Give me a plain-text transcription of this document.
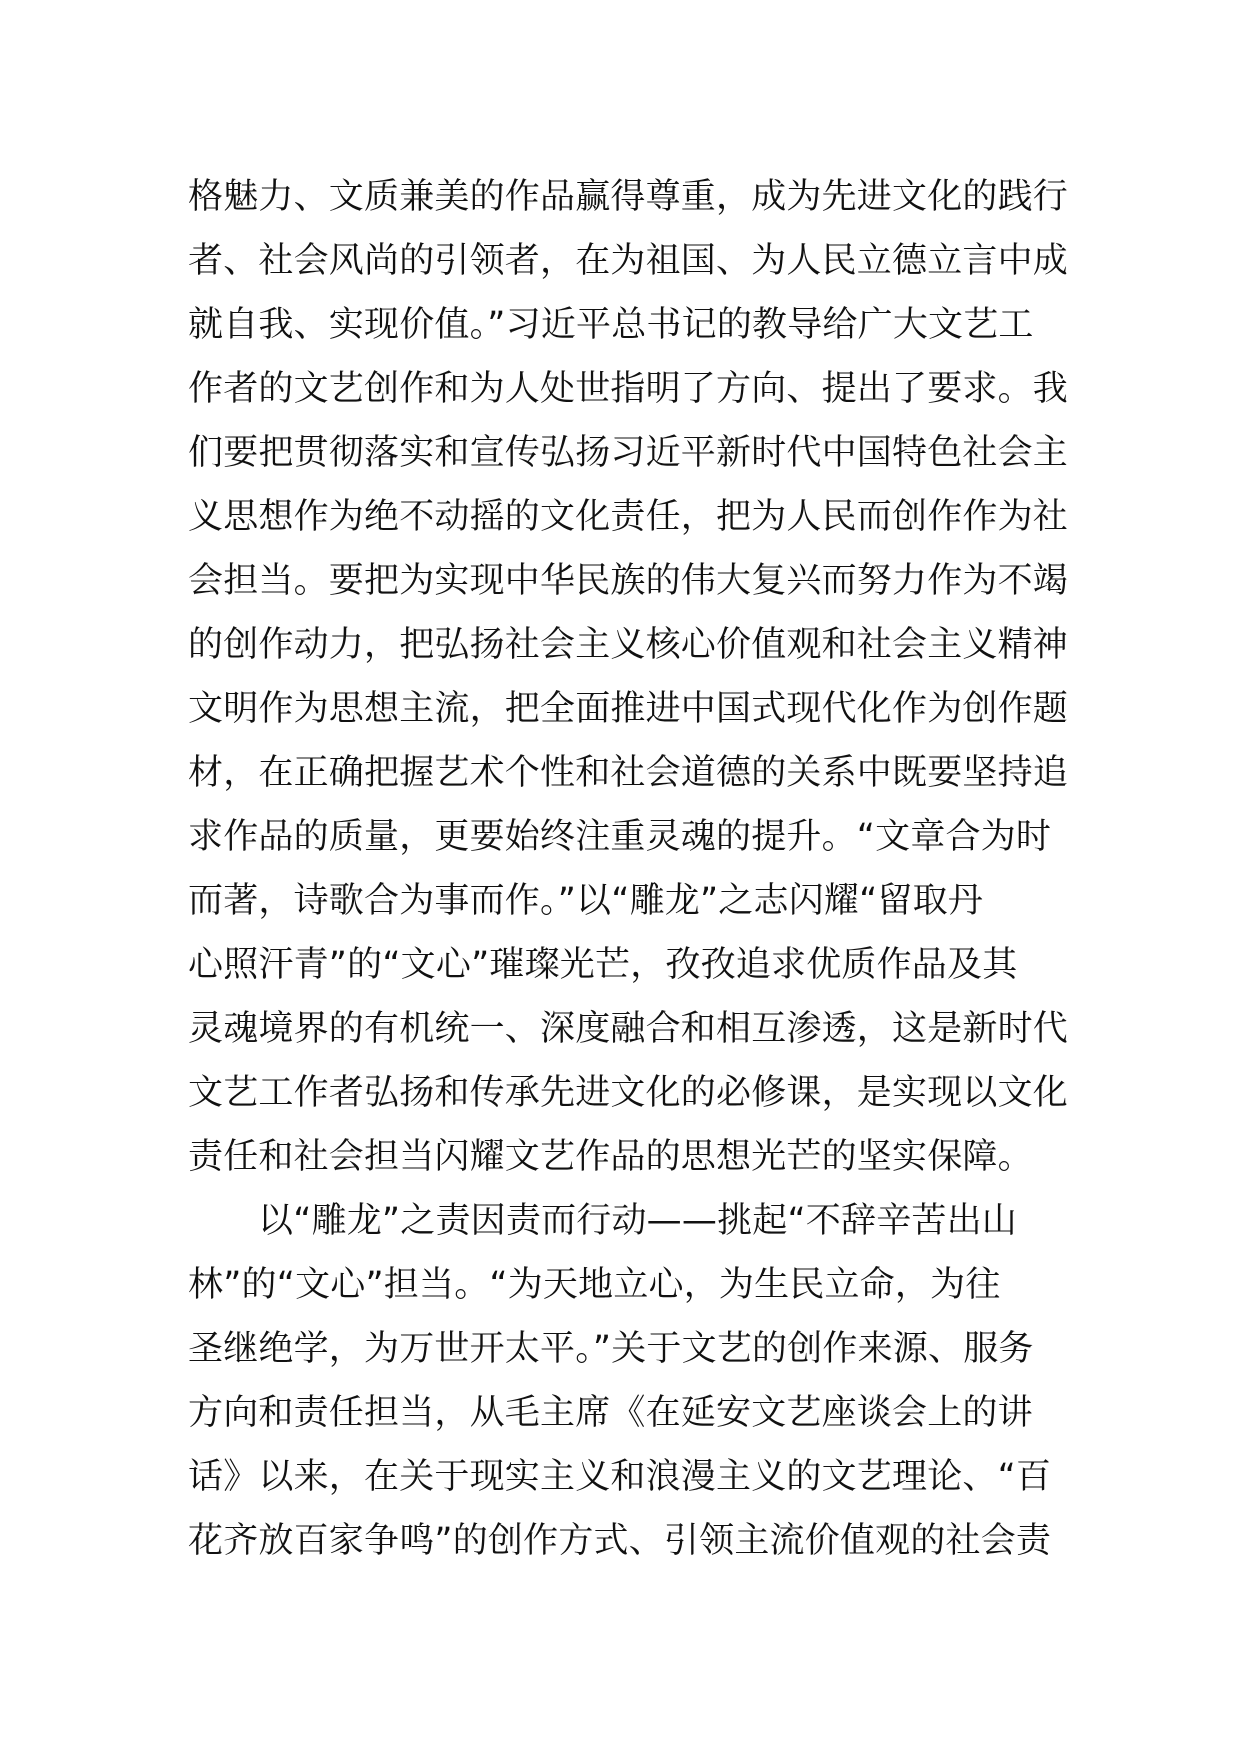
格魅力、文质兼美的作品赢得尊重，成为先进文化的践行
者、社会风尚的引领者，在为祖国、为人民立德立言中成
就自我、实现价值。”习近平总书记的教导给广大文艺工
作者的文艺创作和为人处世指明了方向、提出了要求。我
们要把贯彻落实和宣传弘扬习近平新时代中国特色社会主
义思想作为绝不动摇的文化责任，把为人民而创作作为社
会担当。要把为实现中华民族的伟大复兴而努力作为不竭
的创作动力，把弘扬社会主义核心价值观和社会主义精神
文明作为思想主流，把全面推进中国式现代化作为创作题
材，在正确把握艺术个性和社会道德的关系中既要坚持追
求作品的质量，更要始终注重灵魂的提升。“文章合为时
而著，诗歌合为事而作。”以“雕龙”之志闪耀“留取丹
心照汗青”的“文心”璀璨光芒，孜孜追求优质作品及其
灵魂境界的有机统一、深度融合和相互渗透，这是新时代
文艺工作者弘扬和传承先进文化的必修课，是实现以文化
责任和社会担当闪耀文艺作品的思想光芒的坚实保障。
以“雕龙”之责因责而行动——挑起“不辞辛苦出山
林”的“文心”担当。“为天地立心，为生民立命，为往
圣继绝学，为万世开太平。”关于文艺的创作来源、服务
方向和责任担当，从毛主席《在延安文艺座谈会上的讲
话》以来，在关于现实主义和浪漫主义的文艺理论、“百
花齐放百家争鸣”的创作方式、引领主流价值观的社会责
